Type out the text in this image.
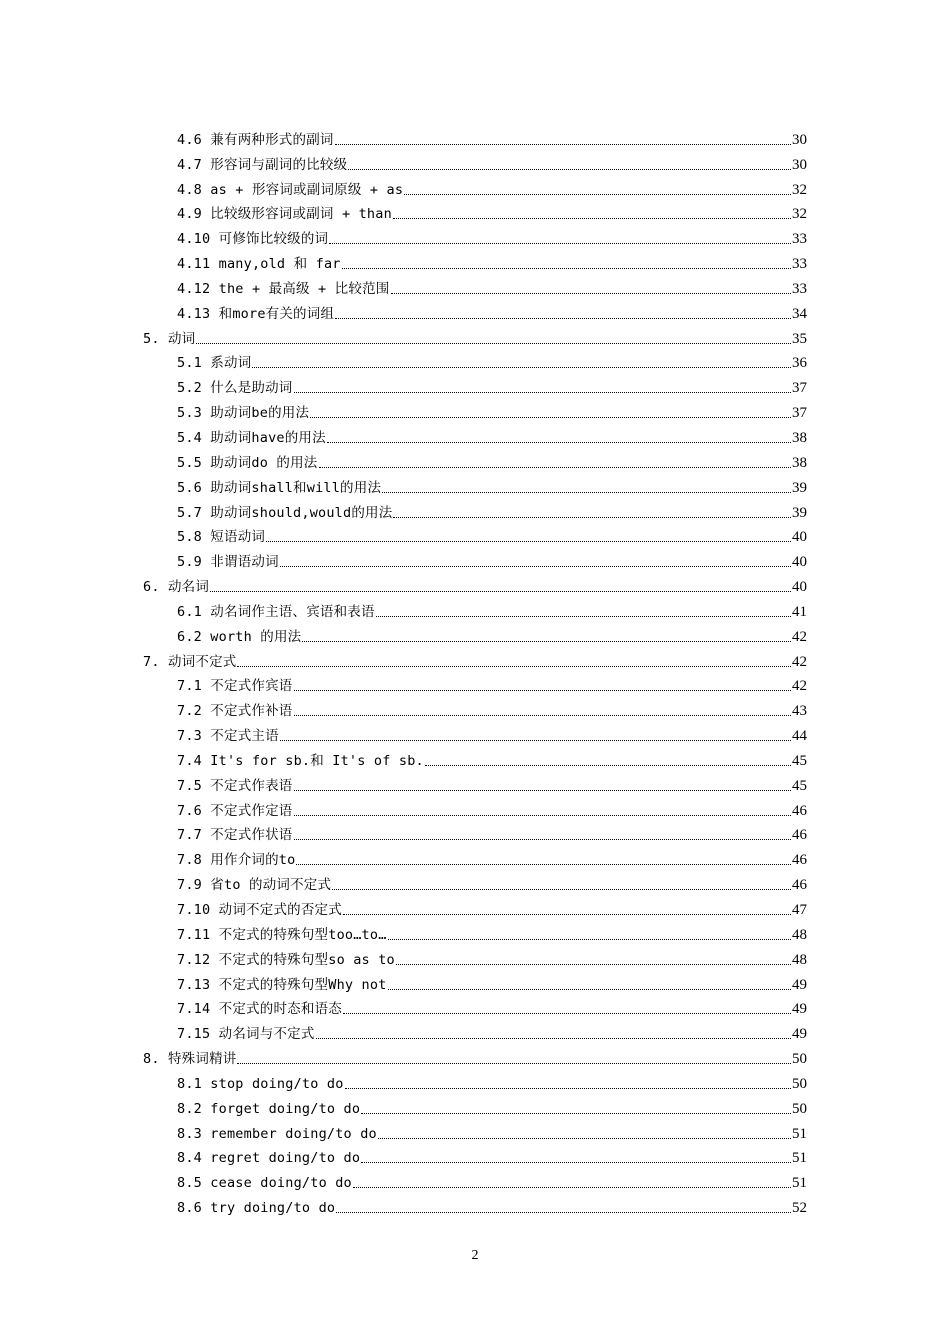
4.6 兼有两种形式的副词	30
4.7 形容词与副词的比较级	30
4.8 as + 形容词或副词原级 + as	32
4.9 比较级形容词或副词 + than	32
4.10 可修饰比较级的词	33
4.11 many,old 和 far	33
4.12 the + 最高级 + 比较范围	33
4.13 和more有关的词组	34
5. 动词	35
5.1 系动词	36
5.2 什么是助动词	37
5.3 助动词be的用法	37
5.4 助动词have的用法	38
5.5 助动词do 的用法	38
5.6 助动词shall和will的用法	39
5.7 助动词should,would的用法	39
5.8 短语动词	40
5.9 非谓语动词	40
6. 动名词	40
6.1 动名词作主语、宾语和表语	41
6.2 worth 的用法	42
7. 动词不定式	42
7.1 不定式作宾语	42
7.2 不定式作补语	43
7.3 不定式主语	44
7.4 It's for sb.和 It's of sb.	45
7.5 不定式作表语	45
7.6 不定式作定语	46
7.7 不定式作状语	46
7.8 用作介词的to	46
7.9 省to 的动词不定式	46
7.10 动词不定式的否定式	47
7.11 不定式的特殊句型too…to…	48
7.12 不定式的特殊句型so as to	48
7.13 不定式的特殊句型Why not	49
7.14 不定式的时态和语态	49
7.15 动名词与不定式	49
8. 特殊词精讲	50
8.1 stop doing/to do	50
8.2 forget doing/to do	50
8.3 remember doing/to do	51
8.4 regret doing/to do	51
8.5 cease doing/to do	51
8.6 try doing/to do	52
2
